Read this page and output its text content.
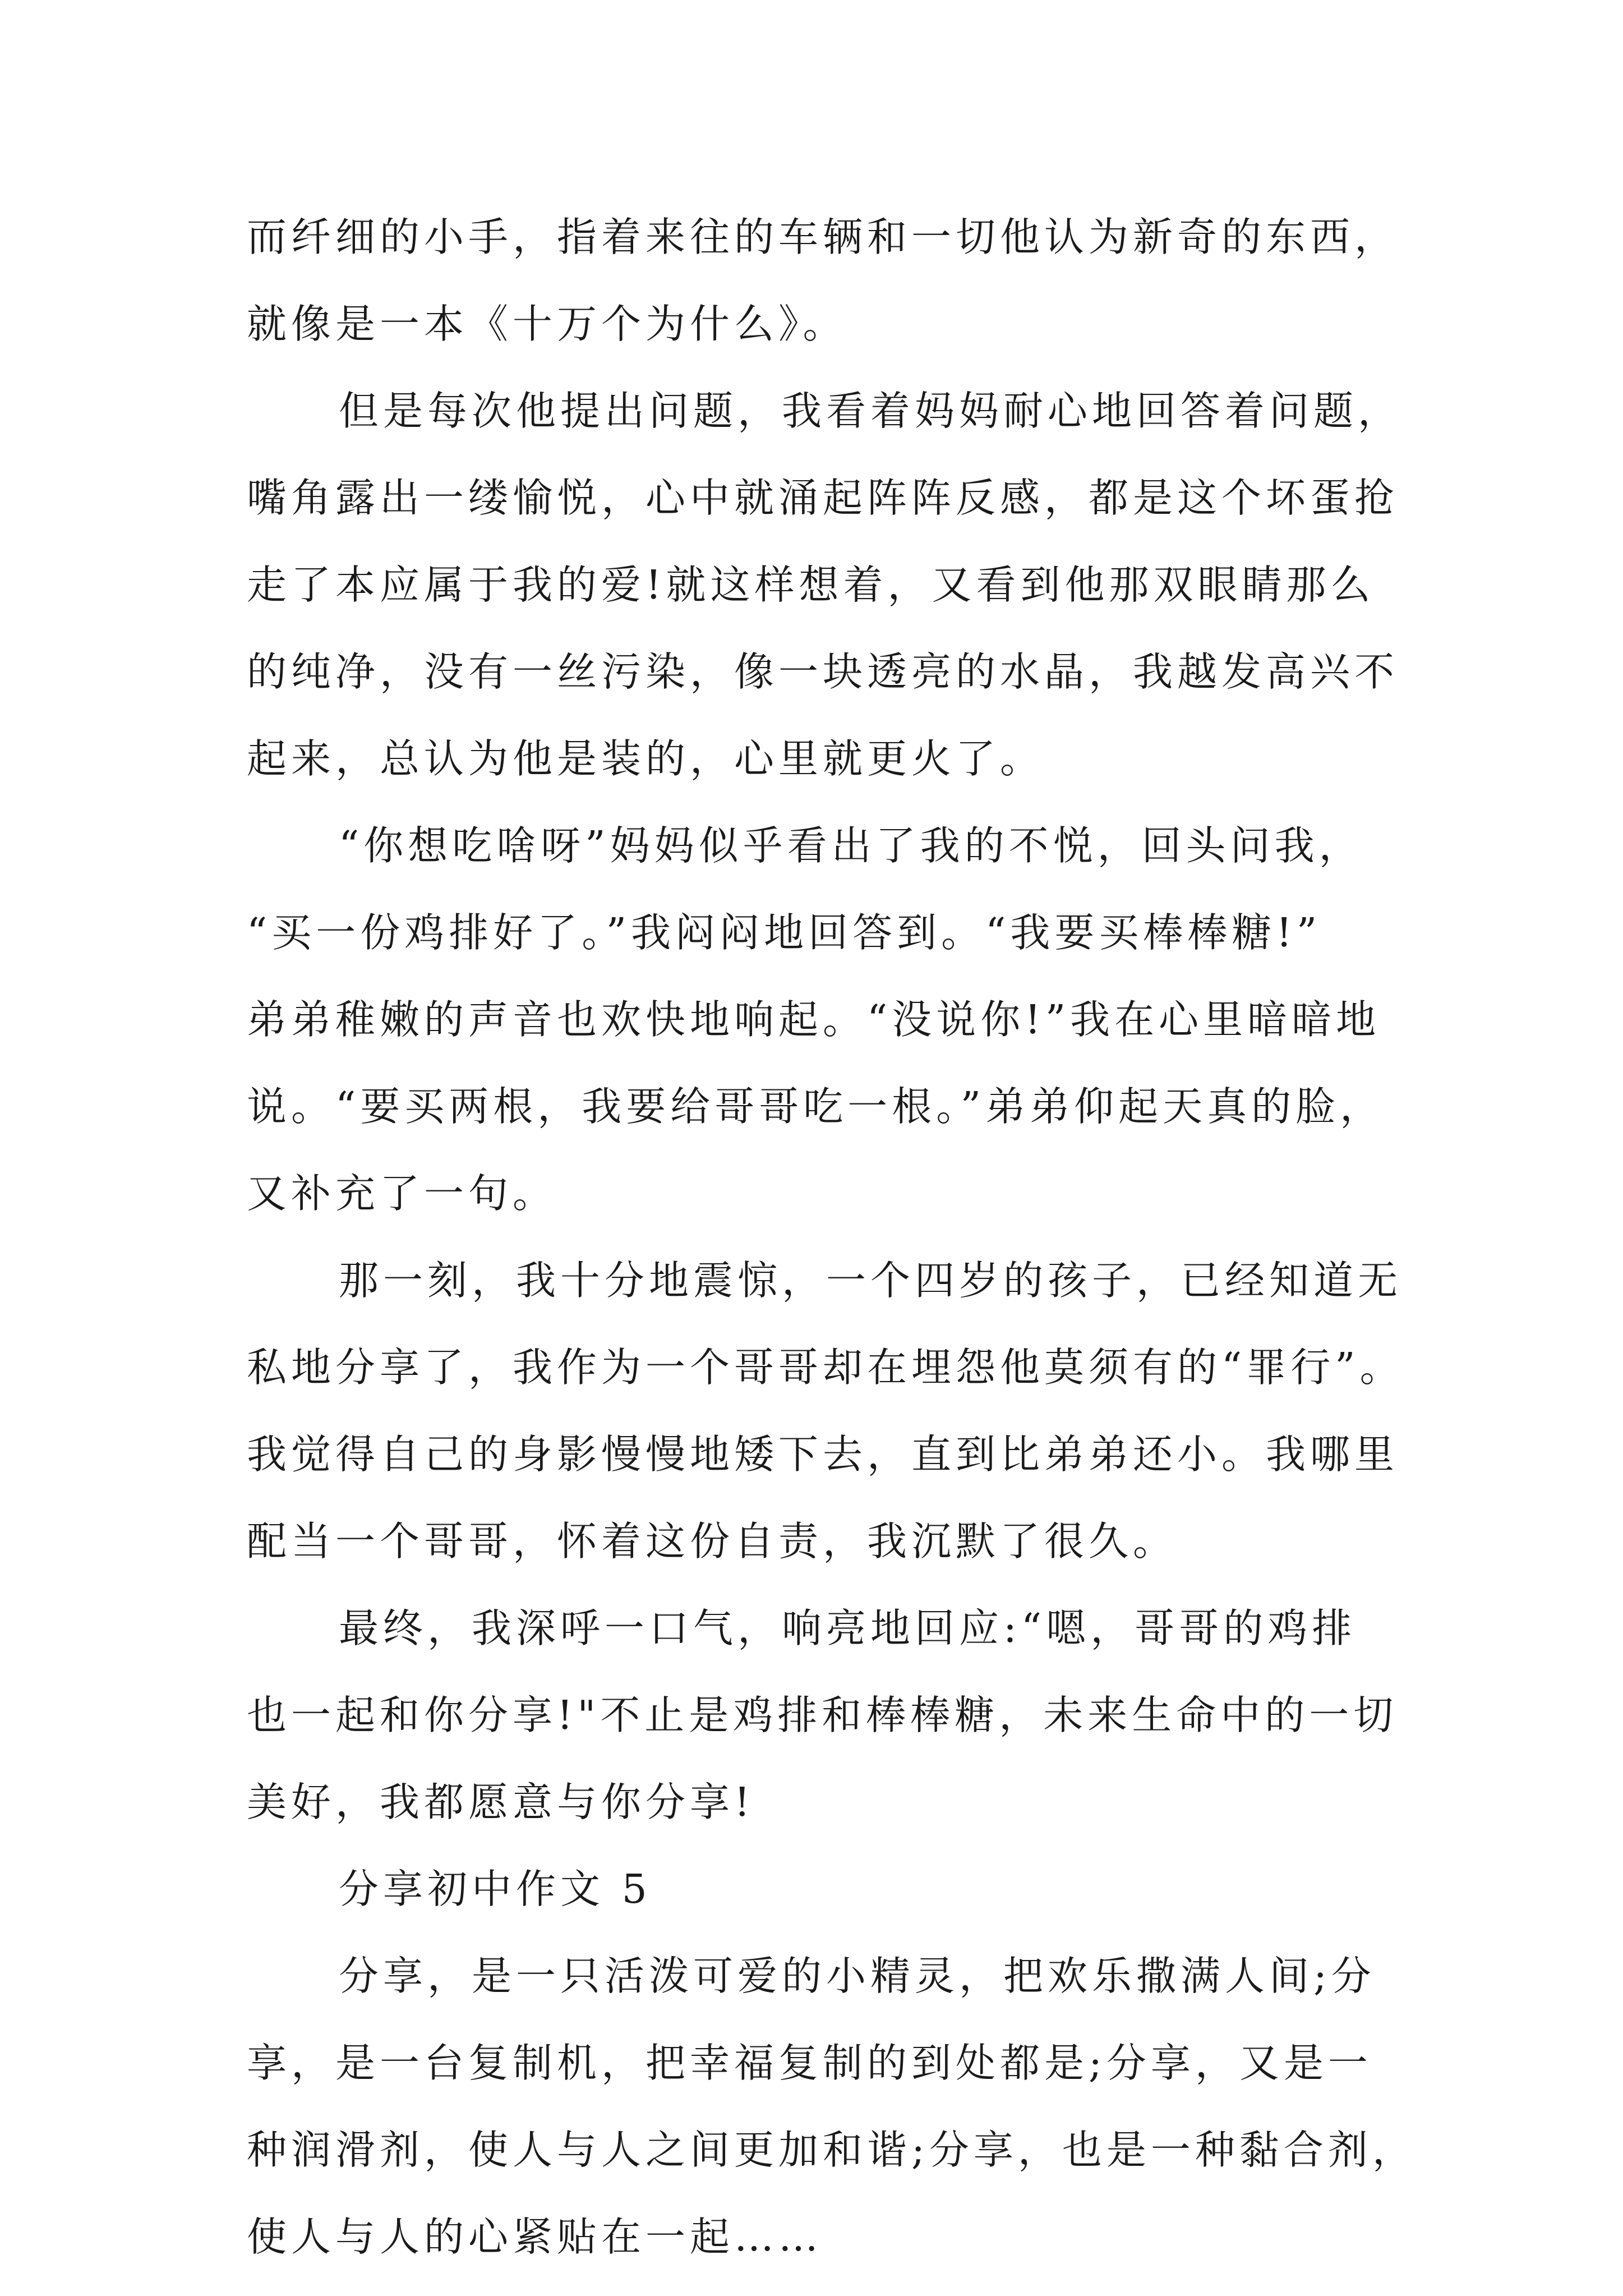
而纤细的小手，指着来往的车辆和一切他认为新奇的东西，
就像是一本《十万个为什么》。
但是每次他提出问题，我看着妈妈耐心地回答着问题，
嘴角露出一缕愉悦，心中就涌起阵阵反感，都是这个坏蛋抢
走了本应属于我的爱!就这样想着，又看到他那双眼睛那么
的纯净，没有一丝污染，像一块透亮的水晶，我越发高兴不
起来，总认为他是装的，心里就更火了。
“你想吃啥呀”妈妈似乎看出了我的不悦，回头问我，
“买一份鸡排好了。”我闷闷地回答到。“我要买棒棒糖!”
弟弟稚嫩的声音也欢快地响起。“没说你!”我在心里暗暗地
说。“要买两根，我要给哥哥吃一根。”弟弟仰起天真的脸，
又补充了一句。
那一刻，我十分地震惊，一个四岁的孩子，已经知道无
私地分享了，我作为一个哥哥却在埋怨他莫须有的“罪行”。
我觉得自己的身影慢慢地矮下去，直到比弟弟还小。我哪里
配当一个哥哥，怀着这份自责，我沉默了很久。
最终，我深呼一口气，响亮地回应:“嗯，哥哥的鸡排
也一起和你分享!"不止是鸡排和棒棒糖，未来生命中的一切
美好，我都愿意与你分享!
分享初中作文 5
分享，是一只活泼可爱的小精灵，把欢乐撒满人间;分
享，是一台复制机，把幸福复制的到处都是;分享，又是一
种润滑剂，使人与人之间更加和谐;分享，也是一种黏合剂，
使人与人的心紧贴在一起……
